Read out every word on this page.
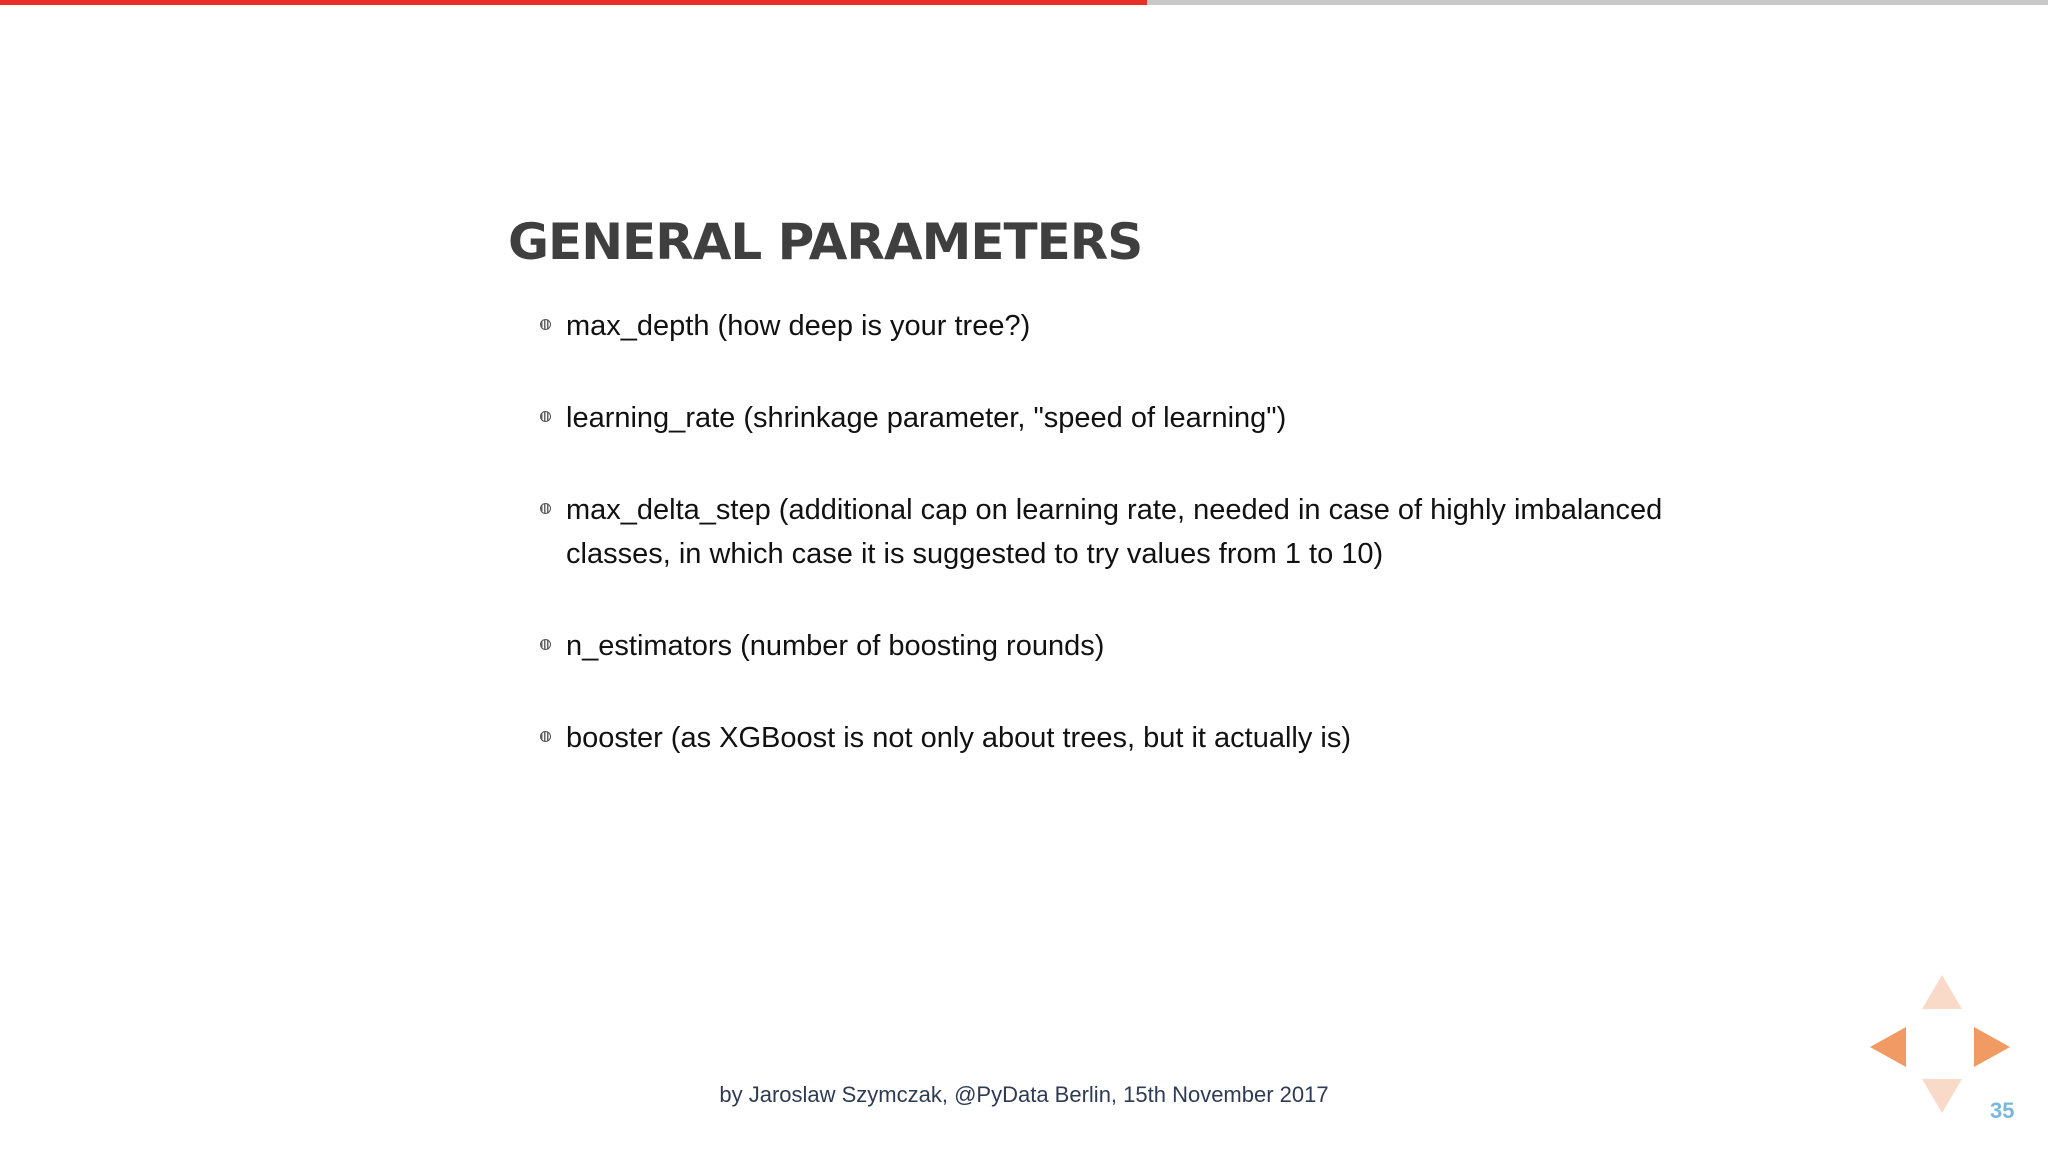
GENERAL PARAMETERS
max_depth (how deep is your tree?)
learning_rate (shrinkage parameter, "speed of learning")
max_delta_step (additional cap on learning rate, needed in case of highly imbalanced classes, in which case it is suggested to try values from 1 to 10)
n_estimators (number of boosting rounds)
booster (as XGBoost is not only about trees, but it actually is)
by Jaroslaw Szymczak, @PyData Berlin, 15th November 2017
35
